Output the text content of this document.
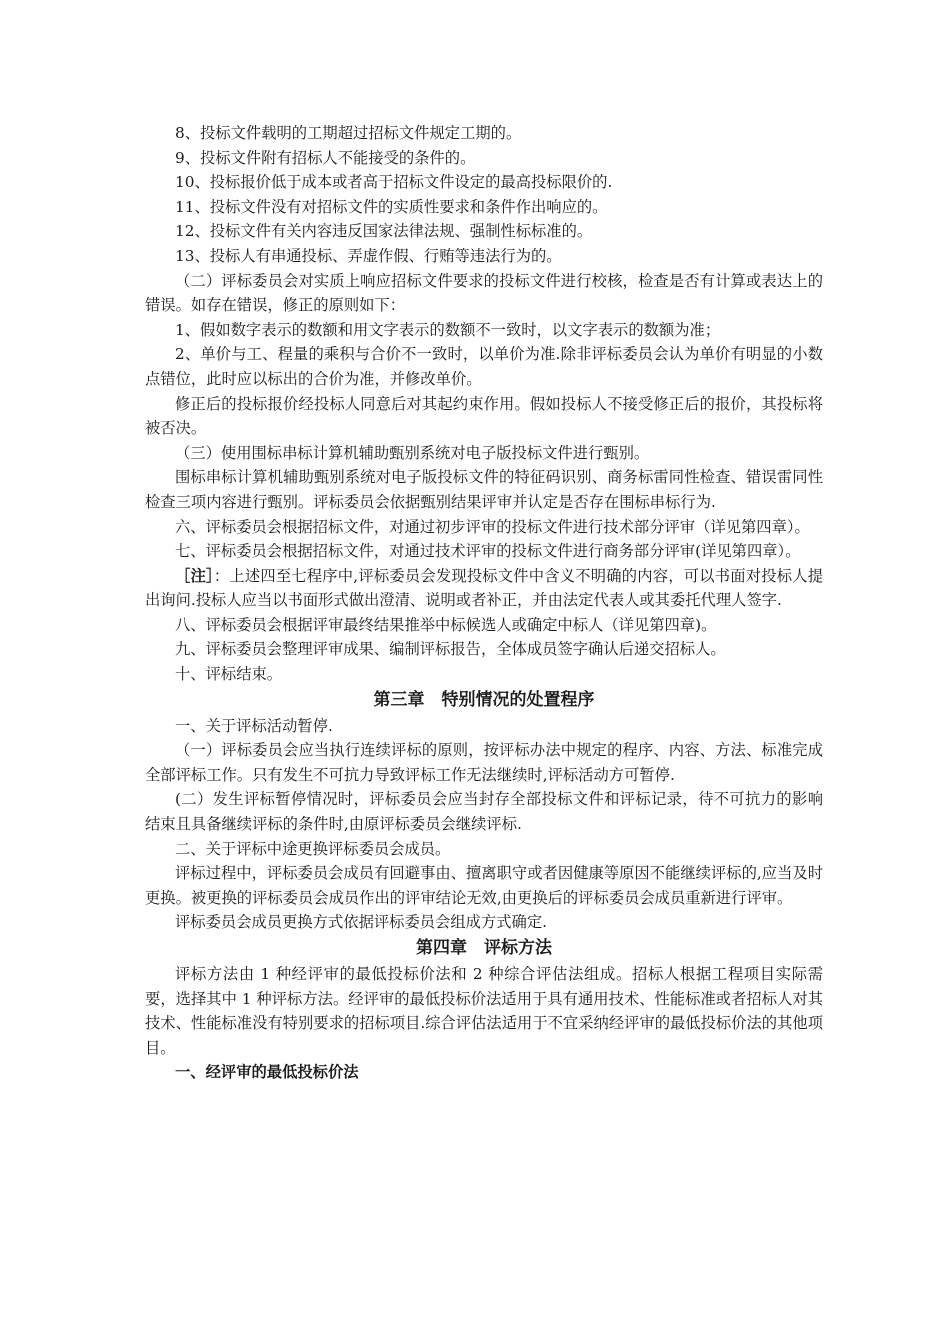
8、投标文件载明的工期超过招标文件规定工期的。

9、投标文件附有招标人不能接受的条件的。

10、投标报价低于成本或者高于招标文件设定的最高投标限价的.

11、投标文件没有对招标文件的实质性要求和条件作出响应的。

12、投标文件有关内容违反国家法律法规、强制性标标准的。

13、投标人有串通投标、弄虚作假、行贿等违法行为的。

（二）评标委员会对实质上响应招标文件要求的投标文件进行校核，检查是否有计算或表达上的错误。如存在错误，修正的原则如下：

1、假如数字表示的数额和用文字表示的数额不一致时，以文字表示的数额为准；

2、单价与工、程量的乘积与合价不一致时，以单价为准.除非评标委员会认为单价有明显的小数点错位，此时应以标出的合价为准，并修改单价。

修正后的投标报价经投标人同意后对其起约束作用。假如投标人不接受修正后的报价，其投标将被否决。

（三）使用围标串标计算机辅助甄别系统对电子版投标文件进行甄别。

围标串标计算机辅助甄别系统对电子版投标文件的特征码识别、商务标雷同性检查、错误雷同性检查三项内容进行甄别。评标委员会依据甄别结果评审并认定是否存在围标串标行为.

六、评标委员会根据招标文件，对通过初步评审的投标文件进行技术部分评审（详见第四章）。

七、评标委员会根据招标文件，对通过技术评审的投标文件进行商务部分评审(详见第四章）。

［注］：上述四至七程序中,评标委员会发现投标文件中含义不明确的内容，可以书面对投标人提出询问.投标人应当以书面形式做出澄清、说明或者补正，并由法定代表人或其委托代理人签字.

八、评标委员会根据评审最终结果推举中标候选人或确定中标人（详见第四章)。

九、评标委员会整理评审成果、编制评标报告，全体成员签字确认后递交招标人。

十、评标结束。

第三章　特别情况的处置程序

一、关于评标活动暂停.

（一）评标委员会应当执行连续评标的原则，按评标办法中规定的程序、内容、方法、标准完成全部评标工作。只有发生不可抗力导致评标工作无法继续时,评标活动方可暂停.

(二）发生评标暂停情况时，评标委员会应当封存全部投标文件和评标记录，待不可抗力的影响结束且具备继续评标的条件时,由原评标委员会继续评标.

二、关于评标中途更换评标委员会成员。

评标过程中，评标委员会成员有回避事由、擅离职守或者因健康等原因不能继续评标的,应当及时更换。被更换的评标委员会成员作出的评审结论无效,由更换后的评标委员会成员重新进行评审。

评标委员会成员更换方式依据评标委员会组成方式确定.

第四章　评标方法

评标方法由 1 种经评审的最低投标价法和 2 种综合评估法组成。招标人根据工程项目实际需要，选择其中 1 种评标方法。经评审的最低投标价法适用于具有通用技术、性能标准或者招标人对其技术、性能标准没有特别要求的招标项目.综合评估法适用于不宜采纳经评审的最低投标价法的其他项目。

一、经评审的最低投标价法
